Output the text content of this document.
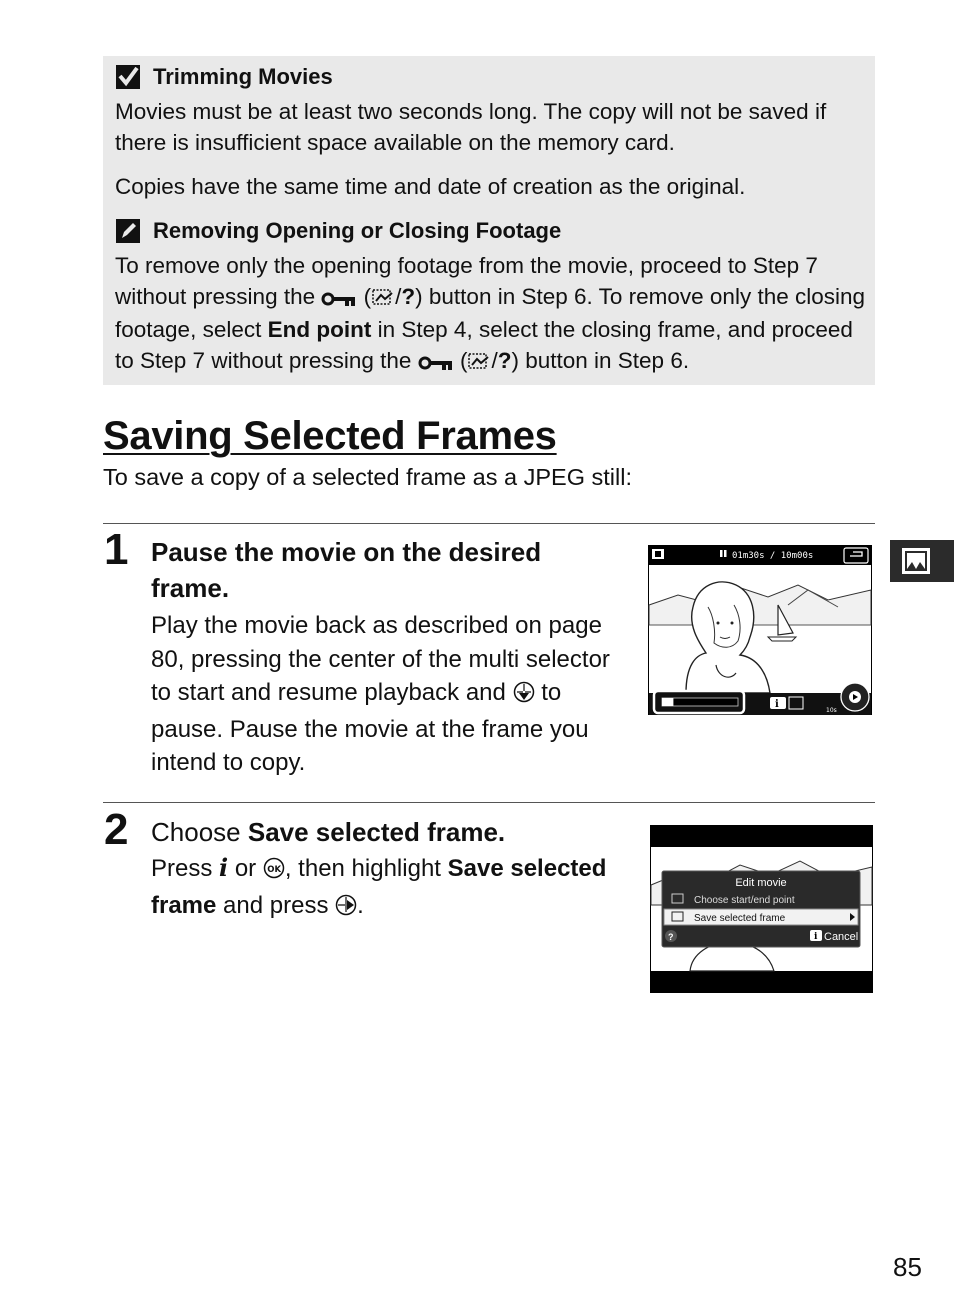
Trimming Movies
Movies must be at least two seconds long. The copy will not be saved if there is insufficient space available on the memory card.
Copies have the same time and date of creation as the original.
Removing Opening or Closing Footage
To remove only the opening footage from the movie, proceed to Step 7 without pressing the  ( /?) button in Step 6. To remove only the closing footage, select End point in Step 4, select the closing frame, and proceed to Step 7 without pressing the  ( /?) button in Step 6.
Saving Selected Frames
To save a copy of a selected frame as a JPEG still:
1 Pause the movie on the desired frame.
Play the movie back as described on page 80, pressing the center of the multi selector to start and resume playback and to pause. Pause the movie at the frame you intend to copy.
01m30s / 10m00s
i
10s
2 Choose Save selected frame.
Press i or OK , then highlight Save selected frame and press .
Edit movie
Choose start/end point
Save selected frame
?	i Cancel
85
